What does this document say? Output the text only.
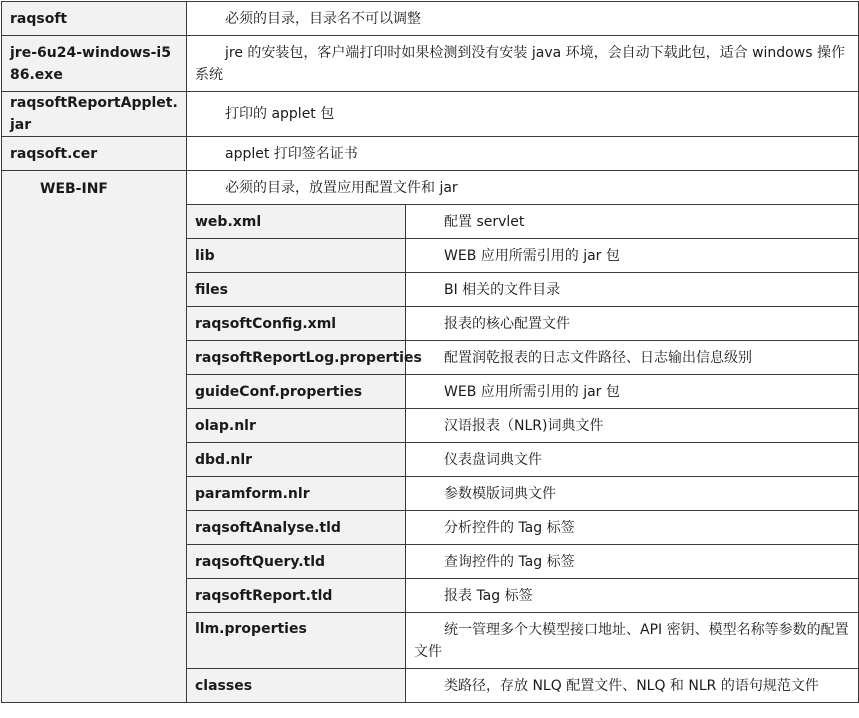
raqsoft	必须的目录，目录名不可以调整	
jre-6u24-windows-i586.exe	jre 的安装包，客户端打印时如果检测到没有安装 java 环境，会自动下载此包，适合 windows 操作系统	
raqsoftReportApplet.jar	打印的 applet 包	
raqsoft.cer	applet 打印签名证书	
WEB-INF	必须的目录，放置应用配置文件和 jar	
	web.xml	配置 servlet
	lib	WEB 应用所需引用的 jar 包
	files	BI 相关的文件目录
	raqsoftConfig.xml	报表的核心配置文件
	raqsoftReportLog.properties	配置润乾报表的日志文件路径、日志输出信息级别
	guideConf.properties	WEB 应用所需引用的 jar 包
	olap.nlr	汉语报表（NLR)词典文件
	dbd.nlr	仪表盘词典文件
	paramform.nlr	参数模版词典文件
	raqsoftAnalyse.tld	分析控件的 Tag 标签
	raqsoftQuery.tld	查询控件的 Tag 标签
	raqsoftReport.tld	报表 Tag 标签
	llm.properties	统一管理多个大模型接口地址、API 密钥、模型名称等参数的配置文件
	classes	类路径，存放 NLQ 配置文件、NLQ 和 NLR 的语句规范文件
